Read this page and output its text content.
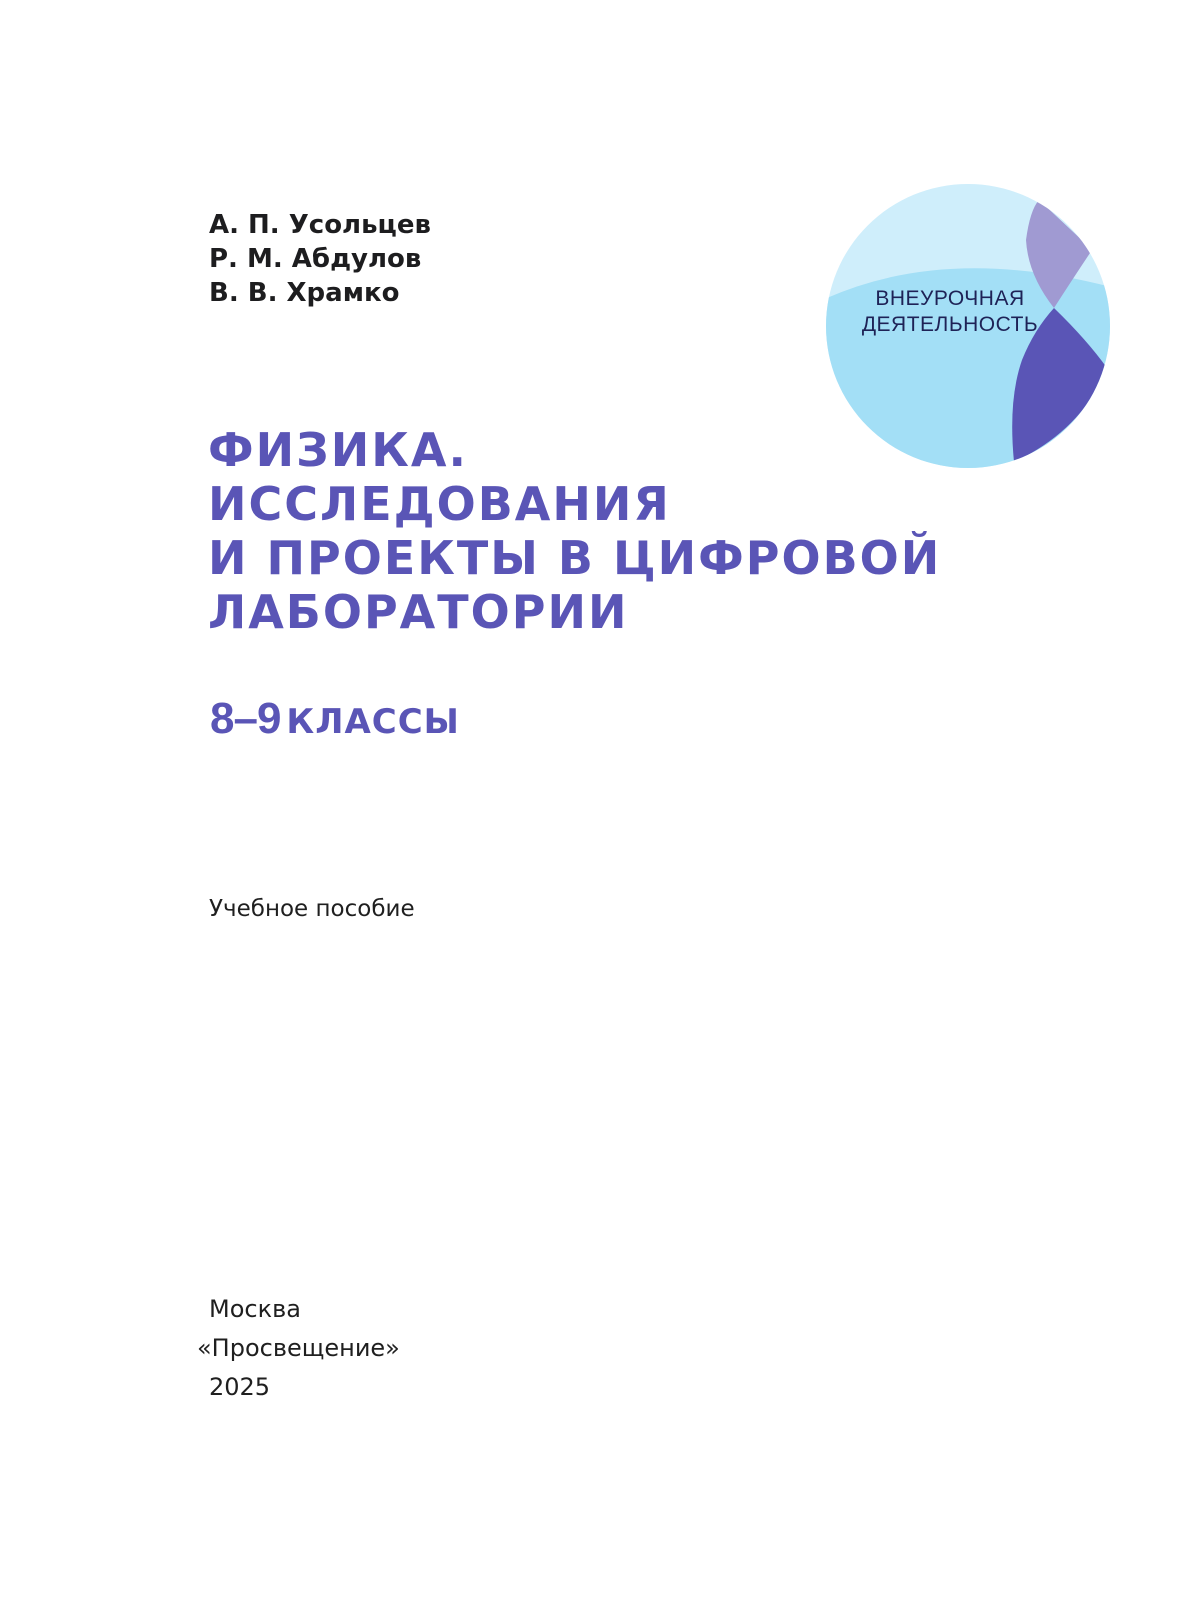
А. П. Усольцев
Р. М. Абдулов
В. В. Храмко	ВНЕУРОЧНАЯ
ДЕЯТЕЛЬНОСТЬ
ФИЗИКА.
ИССЛЕДОВАНИЯ
И ПРОЕКТЫ В ЦИФРОВОЙ
ЛАБОРАТОРИИ
8–9 КЛАССЫ
Учебное пособие
Москва
«Просвещение»
2025
